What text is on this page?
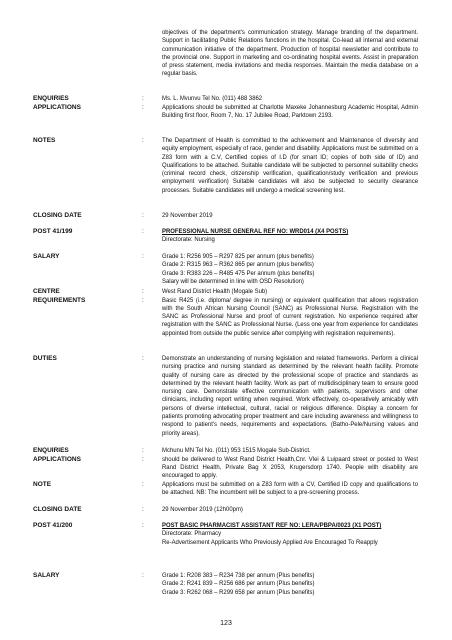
objectives of the department's communication strategy. Manage branding of the department. Support in facilitating Public Relations functions in the hospital. Co-lead all internal and external communication initiative of the department. Production of hospital newsletter and contribute to the provincial one. Support in marketing and co-ordinating hospital events. Assist in preparation of press statement, media invitations and media responses. Maintain the media database on a regular basis.
ENQUIRIES	:	Ms. L. Mvunvu Tel No. (011) 488 3862
APPLICATIONS	:	Applications should be submitted at Charlotte Maxeke Johannesburg Academic Hospital, Admin Building first floor, Room 7, No. 17 Jubilee Road, Parktown 2193.
NOTES	:	The Department of Health is committed to the achievement and Maintenance of diversity and equity employment, especially of race, gender and disability. Applications must be submitted on a Z83 form with a C.V, Certified copies of I.D (for smart ID; copies of both side of ID) and Qualifications to be attached. Suitable candidate will be subjected to personnel suitability checks (criminal record check, citizenship verification, qualification/study verification and previous employment verification) Suitable candidates will also be subjected to security clearance processes. Suitable candidates will undergo a medical screening test.
CLOSING DATE	:	29 November 2019
POST 41/199	:	PROFESSIONAL NURSE GENERAL REF NO: WRD014 (X4 POSTS)
Directorate: Nursing
SALARY	:	Grade 1: R256 905 – R297 825 per annum (plus benefits)
Grade 2: R315 963 – R362 865 per annum (plus benefits)
Grade 3: R383 226 – R485 475 Per annum (plus benefits)
Salary will be determined in line with OSD Resolution)
CENTRE	:	West Rand District Health (Mogale Sub)
REQUIREMENTS	:	Basic R425 (i.e. diploma/ degree in nursing) or equivalent qualification that allows registration with the South African Nursing Council (SANC) as Professional Nurse. Registration with the SANC as Professional Nurse and proof of current registration. No experience required after registration with the SANC as Professional Nurse. (Less one year from experience for candidates appointed from outside the public service after complying with registration requirements).
DUTIES	:	Demonstrate an understanding of nursing legislation and related frameworks. Perform a clinical nursing practice and nursing standard as determined by the relevant health facility. Promote quality of nursing care as directed by the professional scope of practice and standards as determined by the relevant health facility. Work as part of multidisciplinary team to ensure good nursing care. Demonstrate effective communication with patients, supervisors and other clinicians, including report writing when required. Work effectively, co-operatively amicably with persons of diverse intellectual, cultural, racial or religious difference. Display a concern for patients promoting advocating proper treatment and care including awareness and willingness to respond to patient's needs, requirements and expectations. (Batho-Pele/Nursing values and priority areas).
ENQUIRIES	:	Mchunu MN Tel No. (011) 953 1515 Mogale Sub-District.
APPLICATIONS	:	should be delivered to West Rand District Health,Cnr. Vlei & Luipaard street or posted to West Rand District Health, Private Bag X 2053, Krugersdorp 1740. People with disability are encouraged to apply.
NOTE	:	Applications must be submitted on a Z83 form with a CV, Certified ID copy and qualifications to be attached. NB: The incumbent will be subject to a pre-screening process.
CLOSING DATE	:	29 November 2019 (12h00pm)
POST 41/200	:	POST BASIC PHARMACIST ASSISTANT REF NO: LERA/PBPA/0023 (X1 POST)
Directorate: Pharmacy
Re-Advertisement Applicants Who Previously Applied Are Encouraged To Reapply
SALARY	:	Grade 1: R208 383 – R234 738 per annum (Plus benefits)
Grade 2: R241 839 – R256 686 per annum (Plus benefits)
Grade 3: R262 068 – R299 658 per annum (Plus benefits)
123
